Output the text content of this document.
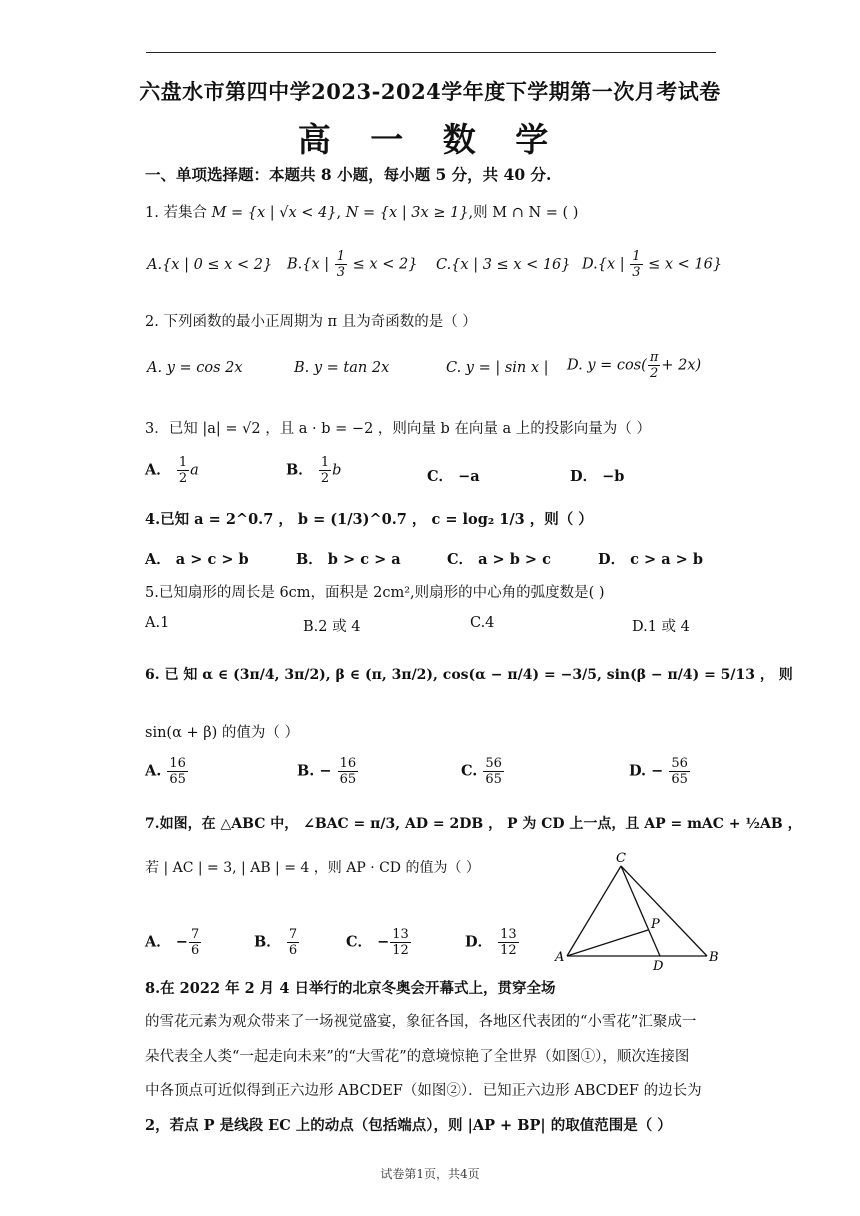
六盘水市第四中学2023-2024学年度下学期第一次月考试卷
高 一 数 学
一、单项选择题：本题共 8 小题，每小题 5 分，共 40 分.
1. 若集合 M = {x | √x < 4}, N = {x | 3x ≥ 1},则 M ∩ N = ( )
A.{x | 0 ≤ x < 2} B.{x | $\frac{1}{3} \le x < 2$} C.{x | 3 ≤ x < 16} D.{x | $\frac{1}{3} \le x < 16$}
2. 下列函数的最小正周期为 π 且为奇函数的是（ ）
A. y = cos 2x	B. y = tan 2x	C. y = | sin x | D. $y = \cos( \frac{\pi}{2} + 2x)$
3．已知 |a| = √2 ，且 a · b = −2 ，则向量 b 在向量 a 上的投影向量为（ ）
A． $\frac{1}{2}$ a	B． $\frac{1}{2}$ b	C． −a	D． −b
4.已知 a = 2^0.7 ， b = (1/3)^0.7 ， c = log₂ 1/3 ，则（ ）
A． a > c > b	B． b > c > a	C． a > b > c	D． c > a > b
5.已知扇形的周长是 6cm，面积是 2cm²,则扇形的中心角的弧度数是( )
A.1	B.2 或 4	C.4	D.1 或 4
6. 已 知 α ∈ (3π/4, 3π/2), β ∈ (π, 3π/2), cos(α − π/4) = −3/5, sin(β − π/4) = 5/13 ， 则
sin(α + β) 的值为（ ）
A. $\frac{16}{65}$	B. − $\frac{16}{65}$	C. $\frac{56}{65}$	D. − $\frac{56}{65}$
7.如图，在 △ABC 中， ∠BAC = π/3, AD = 2DB ， P 为 CD 上一点，且 AP = mAC + ½AB ，
若 | AC | = 3, | AB | = 4 ，则 AP · CD 的值为（ ）
A． − $\frac{7}{6}$	B． $\frac{7}{6}$	C． − $\frac{13}{12}$	D． $\frac{13}{12}$
C
A	B
P
D
8.在 2022 年 2 月 4 日举行的北京冬奥会开幕式上，贯穿全场
的雪花元素为观众带来了一场视觉盛宴，象征各国，各地区代表团的“小雪花”汇聚成一
朵代表全人类“一起走向未来”的“大雪花”的意境惊艳了全世界（如图①），顺次连接图
中各顶点可近似得到正六边形 ABCDEF（如图②）．已知正六边形 ABCDEF 的边长为
2，若点 P 是线段 EC 上的动点（包括端点），则 |AP + BP| 的取值范围是（ ）
试卷第1页，共4页
